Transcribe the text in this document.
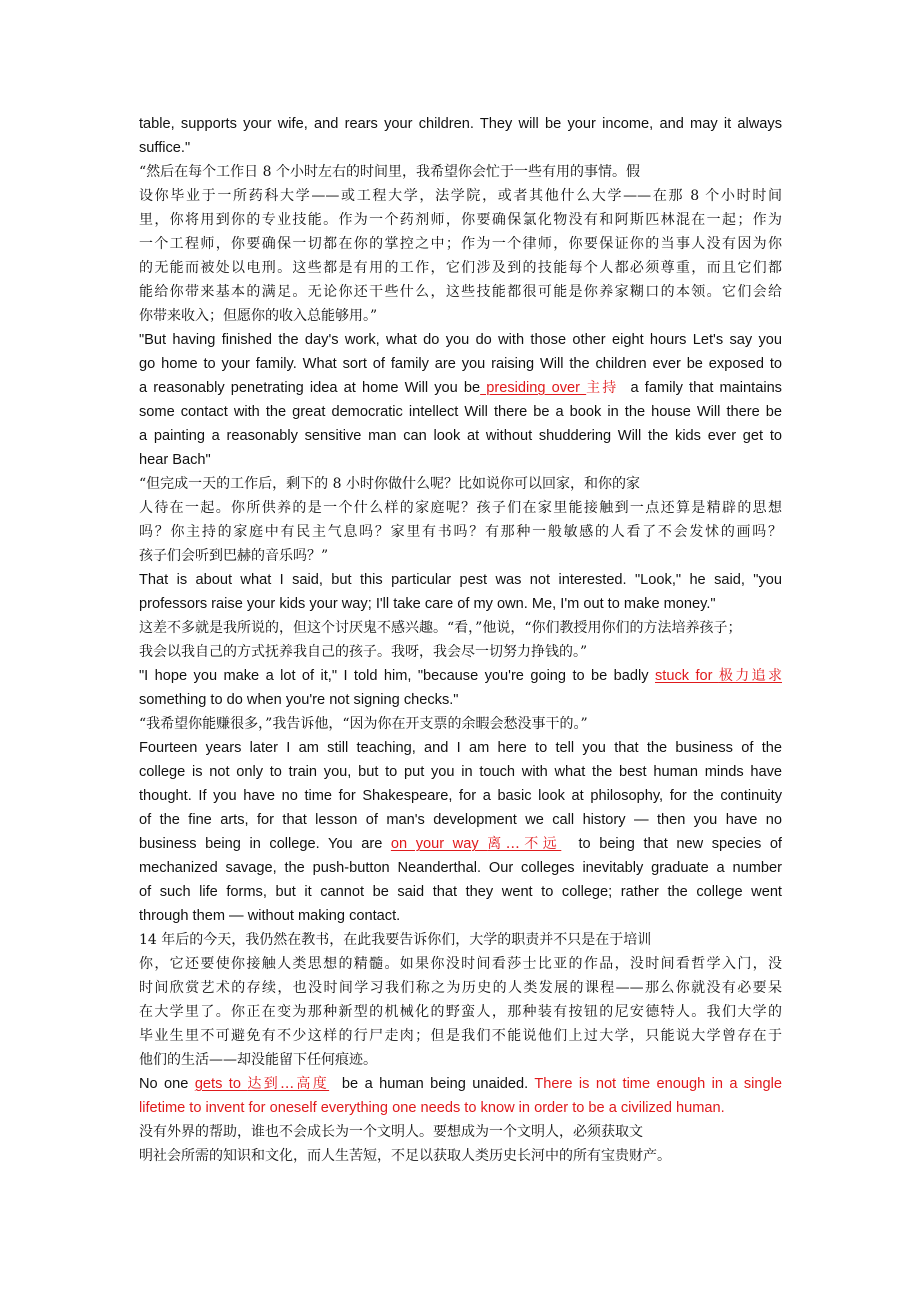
table, supports your wife, and rears your children. They will be your income, and may it always
suffice."
“然后在每个工作日 8 个小时左右的时间里，我希望你会忙于一些有用的事情。假
设你毕业于一所药科大学——或工程大学，法学院，或者其他什么大学——在那 8 个小时时间
里，你将用到你的专业技能。作为一个药剂师，你要确保氯化物没有和阿斯匹林混在一起；作为
一个工程师，你要确保一切都在你的掌控之中；作为一个律师，你要保证你的当事人没有因为你
的无能而被处以电刑。这些都是有用的工作，它们涉及到的技能每个人都必须尊重，而且它们都
能给你带来基本的满足。无论你还干些什么，这些技能都很可能是你养家糊口的本领。它们会给
你带来收入；但愿你的收入总能够用。”
"But having finished the day's work, what do you do with those other eight hours Let's say you
go home to your family. What sort of family are you raising Will the children ever be exposed to
a reasonably penetrating idea at home Will you be presiding over 主持  a family that maintains
some contact with the great democratic intellect Will there be a book in the house Will there be
a painting a reasonably sensitive man can look at without shuddering Will the kids ever get to
hear Bach"
“但完成一天的工作后，剩下的 8 小时你做什么呢？比如说你可以回家，和你的家
人待在一起。你所供养的是一个什么样的家庭呢？孩子们在家里能接触到一点还算是精辟的思想
吗？你主持的家庭中有民主气息吗？家里有书吗？有那种一般敏感的人看了不会发怵的画吗？
孩子们会听到巴赫的音乐吗？”
That is about what I said, but this particular pest was not interested. "Look," he said, "you
professors raise your kids your way; I'll take care of my own. Me, I'm out to make money."
这差不多就是我所说的，但这个讨厌鬼不感兴趣。“看，”他说，“你们教授用你们的方法培养孩子；
我会以我自己的方式抚养我自己的孩子。我呀，我会尽一切努力挣钱的。”
"I hope you make a lot of it," I told him, "because you're going to be badly stuck for 极力追求
something to do when you're not signing checks."
“我希望你能赚很多，”我告诉他，“因为你在开支票的余暇会愁没事干的。”
Fourteen years later I am still teaching, and I am here to tell you that the business of the
college is not only to train you, but to put you in touch with what the best human minds have
thought. If you have no time for Shakespeare, for a basic look at philosophy, for the continuity
of the fine arts, for that lesson of man's development we call history — then you have no
business being in college. You are on your way 离…不远  to being that new species of
mechanized savage, the push-button Neanderthal. Our colleges inevitably graduate a number
of such life forms, but it cannot be said that they went to college; rather the college went
through them — without making contact.
14 年后的今天，我仍然在教书，在此我要告诉你们，大学的职责并不只是在于培训
你，它还要使你接触人类思想的精髓。如果你没时间看莎士比亚的作品，没时间看哲学入门，没
时间欣赏艺术的存续，也没时间学习我们称之为历史的人类发展的课程——那么你就没有必要呆
在大学里了。你正在变为那种新型的机械化的野蛮人，那种装有按钮的尼安德特人。我们大学的
毕业生里不可避免有不少这样的行尸走肉；但是我们不能说他们上过大学，只能说大学曾存在于
他们的生活——却没能留下任何痕迹。
No one gets to 达到…高度  be a human being unaided. There is not time enough in a single
lifetime to invent for oneself everything one needs to know in order to be a civilized human.
没有外界的帮助，谁也不会成长为一个文明人。要想成为一个文明人，必须获取文
明社会所需的知识和文化，而人生苦短，不足以获取人类历史长河中的所有宝贵财产。
